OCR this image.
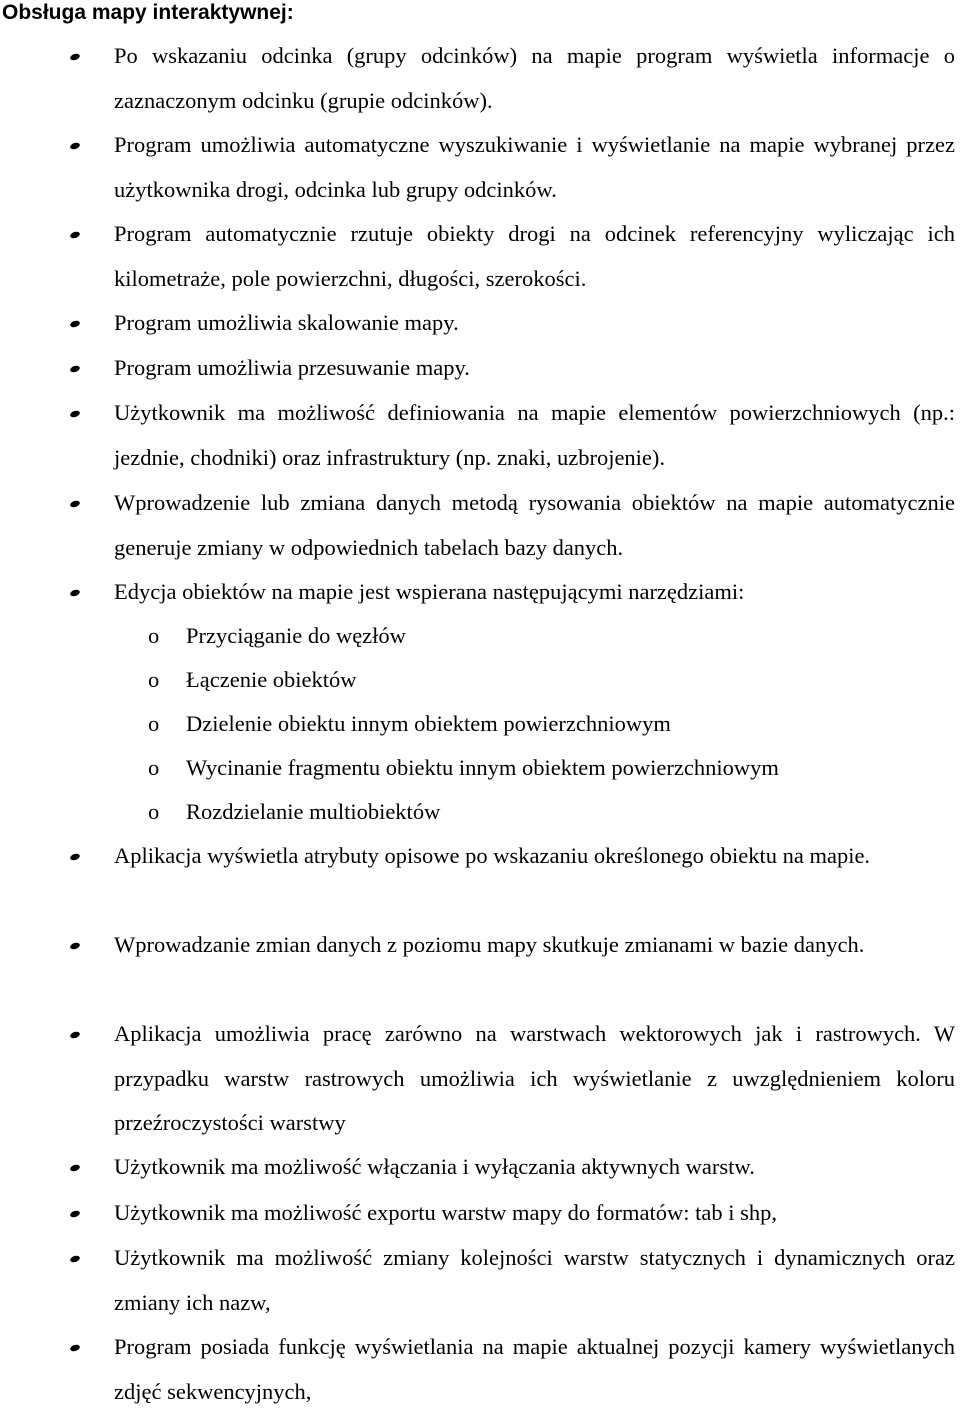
Obsługa mapy interaktywnej:
Po wskazaniu odcinka (grupy odcinków) na mapie program wyświetla informacje o zaznaczonym odcinku (grupie odcinków).
Program umożliwia automatyczne wyszukiwanie i wyświetlanie na mapie wybranej przez użytkownika drogi, odcinka lub grupy odcinków.
Program automatycznie rzutuje obiekty drogi na odcinek referencyjny wyliczając ich kilometraże, pole powierzchni, długości, szerokości.
Program umożliwia skalowanie mapy.
Program umożliwia przesuwanie mapy.
Użytkownik ma możliwość definiowania na mapie elementów powierzchniowych (np.: jezdnie, chodniki) oraz infrastruktury (np. znaki, uzbrojenie).
Wprowadzenie lub zmiana danych metodą rysowania obiektów na mapie automatycznie generuje zmiany w odpowiednich tabelach bazy danych.
Edycja obiektów na mapie jest wspierana następującymi narzędziami:
o Przyciąganie do węzłów
o Łączenie obiektów
o Dzielenie obiektu innym obiektem powierzchniowym
o Wycinanie fragmentu obiektu innym obiektem powierzchniowym
o Rozdzielanie multiobiektów
Aplikacja wyświetla atrybuty opisowe po wskazaniu określonego obiektu na mapie.
Wprowadzanie zmian danych z poziomu mapy skutkuje zmianami w bazie danych.
Aplikacja umożliwia pracę zarówno na warstwach wektorowych jak i rastrowych. W przypadku warstw rastrowych umożliwia ich wyświetlanie z uwzględnieniem koloru przeźroczystości warstwy
Użytkownik ma możliwość włączania i wyłączania aktywnych warstw.
Użytkownik ma możliwość exportu warstw mapy do formatów: tab i shp,
Użytkownik ma możliwość zmiany kolejności warstw statycznych i dynamicznych oraz zmiany ich nazw,
Program posiada funkcję wyświetlania na mapie aktualnej pozycji kamery wyświetlanych zdjęć sekwencyjnych,
